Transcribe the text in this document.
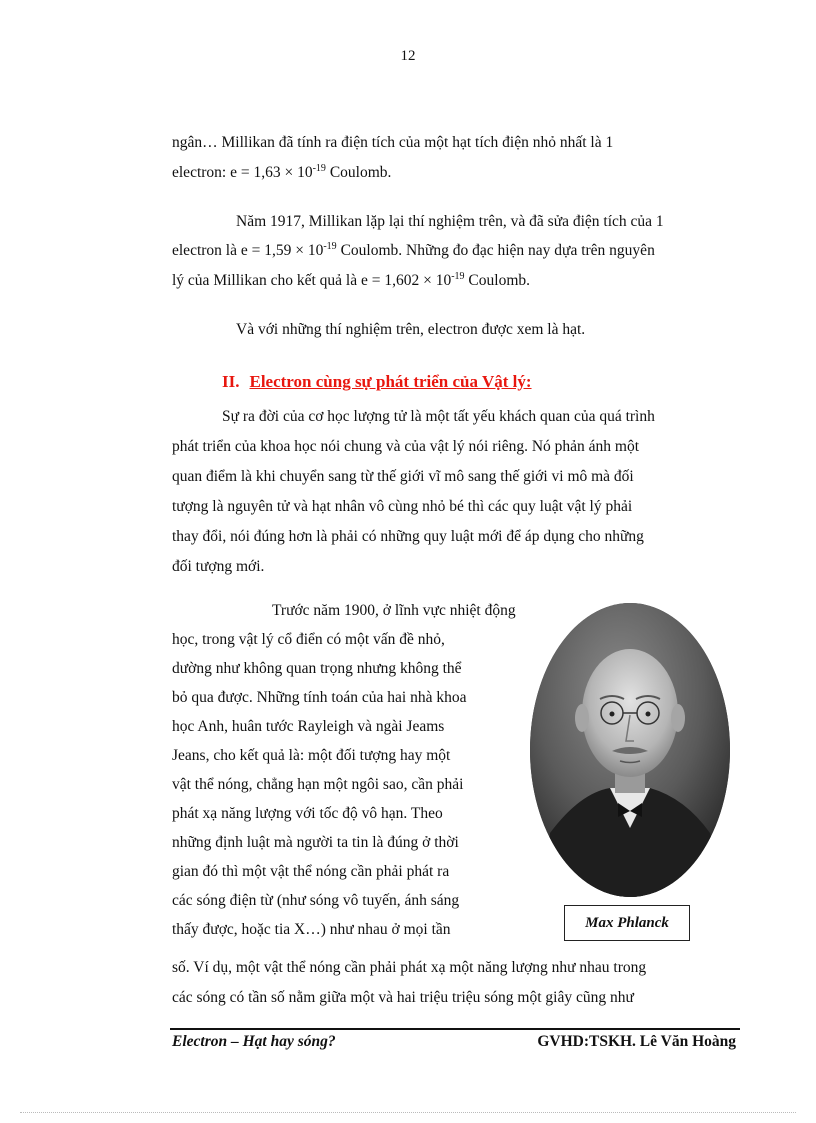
12
ngân… Millikan đã tính ra điện tích của một hạt tích điện nhỏ nhất là 1
electron: $e = 1,63 \times 10^{-19}$ Coulomb.
Năm 1917, Millikan lặp lại thí nghiệm trên, và đã sửa điện tích của 1
electron là $e = 1,59 \times 10^{-19}$ Coulomb. Những đo đạc hiện nay dựa trên nguyên
lý của Millikan cho kết quả là $e = 1,602 \times 10^{-19}$ Coulomb.
Và với những thí nghiệm trên, electron được xem là hạt.
II. Electron cùng sự phát triển của Vật lý:
Sự ra đời của cơ học lượng tử là một tất yếu khách quan của quá trình
phát triển của khoa học nói chung và của vật lý nói riêng. Nó phản ánh một
quan điểm là khi chuyển sang từ thế giới vĩ mô sang thế giới vi mô mà đối
tượng là nguyên tử và hạt nhân vô cùng nhỏ bé thì các quy luật vật lý phải
thay đổi, nói đúng hơn là phải có những quy luật mới để áp dụng cho những
đối tượng mới.
Trước năm 1900, ở lĩnh vực nhiệt động
học, trong vật lý cổ điển có một vấn đề nhỏ,
dường như không quan trọng nhưng không thể
bỏ qua được. Những tính toán của hai nhà khoa
học Anh, huân tước Rayleigh và ngài Jeams
Jeans, cho kết quả là: một đối tượng hay một
vật thể nóng, chẳng hạn một ngôi sao, cần phải
phát xạ năng lượng với tốc độ vô hạn. Theo
những định luật mà người ta tin là đúng ở thời
gian đó thì một vật thể nóng cần phải phát ra
các sóng điện từ (như sóng vô tuyến, ánh sáng
thấy được, hoặc tia X…) như nhau ở mọi tần
số. Ví dụ, một vật thể nóng cần phải phát xạ một năng lượng như nhau trong
các sóng có tần số nằm giữa một và hai triệu triệu sóng một giây cũng như
Max Phlanck
Electron – Hạt hay sóng?	GVHD:TSKH. Lê Văn Hoàng
